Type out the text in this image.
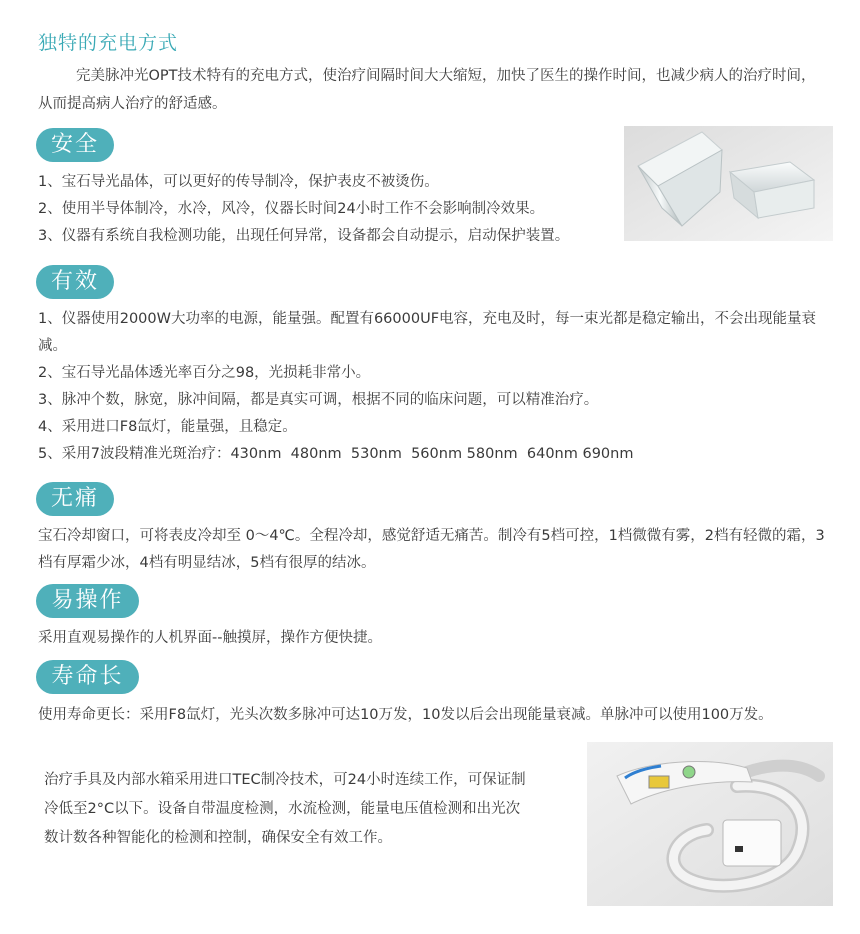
独特的充电方式

完美脉冲光OPT技术特有的充电方式，使治疗间隔时间大大缩短，加快了医生的操作时间，也减少病人的治疗时间，从而提高病人治疗的舒适感。

安全
1、宝石导光晶体，可以更好的传导制冷，保护表皮不被烫伤。
2、使用半导体制冷，水冷，风冷，仪器长时间24小时工作不会影响制冷效果。
3、仪器有系统自我检测功能，出现任何异常，设备都会自动提示，启动保护装置。
有效
1、仪器使用2000W大功率的电源，能量强。配置有66000UF电容，充电及时，每一束光都是稳定输出，不会出现能量衰减。
2、宝石导光晶体透光率百分之98，光损耗非常小。
3、脉冲个数，脉宽，脉冲间隔，都是真实可调，根据不同的临床问题，可以精准治疗。
4、采用进口F8氙灯，能量强，且稳定。
5、采用7波段精准光斑治疗：430nm  480nm  530nm  560nm 580nm  640nm 690nm
无痛

宝石冷却窗口，可将表皮冷却至 0～4℃。全程冷却，感觉舒适无痛苦。制冷有5档可控，1档微微有雾，2档有轻微的霜，3档有厚霜少冰，4档有明显结冰，5档有很厚的结冰。

易操作

采用直观易操作的人机界面--触摸屏，操作方便快捷。

寿命长

使用寿命更长：采用F8氙灯，光头次数多脉冲可达10万发，10发以后会出现能量衰减。单脉冲可以使用100万发。

治疗手具及内部水箱采用进口TEC制冷技术，可24小时连续工作，可保证制冷低至2°C以下。设备自带温度检测，水流检测，能量电压值检测和出光次数计数各种智能化的检测和控制，确保安全有效工作。
